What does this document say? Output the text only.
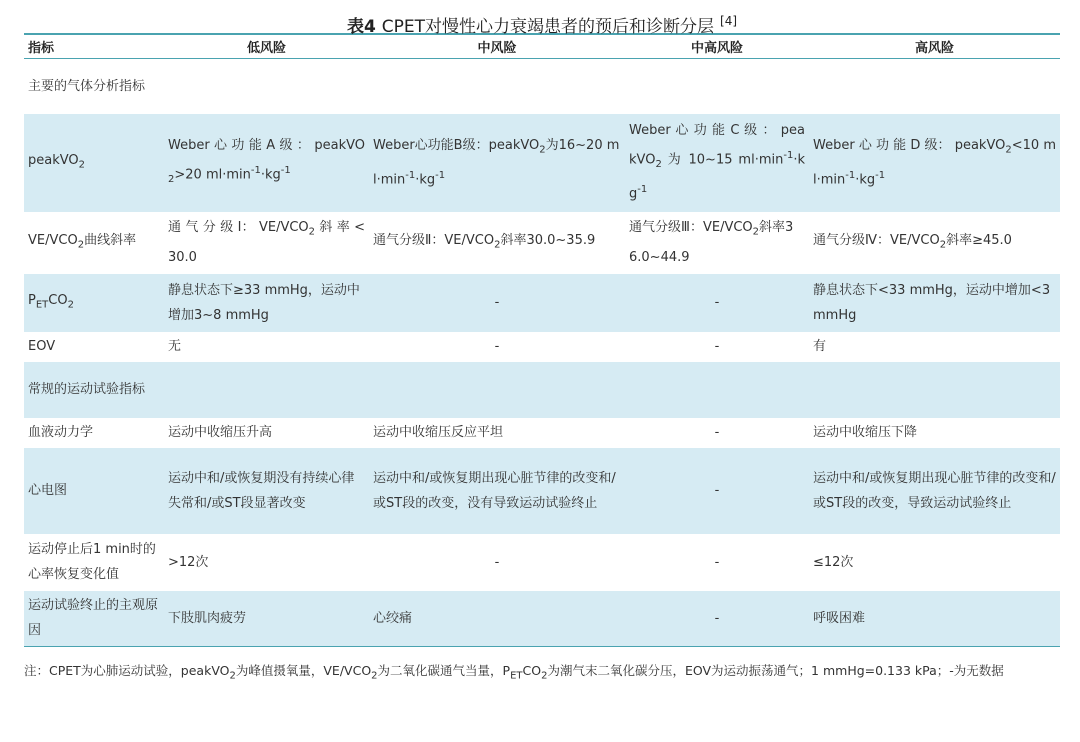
表4 CPET对慢性心力衰竭患者的预后和诊断分层 [4]
指标	低风险	中风险	中高风险	高风险
主要的气体分析指标				
peakVO$_2$	Weber 心 功 能 A 级 ： peakVO$_2$>20 $ml\cdot\min^{-1}\cdot kg^{-1}$	Weber心功能B级：peakVO$_2$为16~20 $ml\cdot\min^{-1}\cdot kg^{-1}$	Weber 心 功 能 C 级 ： peakVO$_2$ 为 10~15 $ml\cdot\min^{-1}\cdot kg^{-1}$	Weber 心 功 能 D 级： peakVO$_2$<10 $ml\cdot\min^{-1}\cdot kg^{-1}$
$VE/VCO_2$曲线斜率	通 气 分 级 Ⅰ： $VE/VCO_2$ 斜 率 <30.0	通气分级Ⅱ：$VE/VCO_2$斜率30.0~35.9	通气分级Ⅲ：$VE/VCO_2$斜率36.0~44.9	通气分级Ⅳ：$VE/VCO_2$斜率≥45.0
$P_{ET}CO_2$	静息状态下≥33 mmHg，运动中增加3~8 mmHg	-	-	静息状态下<33 mmHg，运动中增加<3 mmHg
EOV	无	-	-	有
常规的运动试验指标				
血液动力学	运动中收缩压升高	运动中收缩压反应平坦	-	运动中收缩压下降
心电图	运动中和/或恢复期没有持续心律失常和/或ST段显著改变	运动中和/或恢复期出现心脏节律的改变和/或ST段的改变，没有导致运动试验终止	-	运动中和/或恢复期出现心脏节律的改变和/或ST段的改变，导致运动试验终止
运动停止后1 min时的心率恢复变化值	>12次	-	-	≤12次
运动试验终止的主观原因	下肢肌肉疲劳	心绞痛	-	呼吸困难
注：CPET为心肺运动试验，peakVO$_2$为峰值摄氧量，$VE/VCO_2$为二氧化碳通气当量，$P_{ET}CO_2$为潮气末二氧化碳分压，EOV为运动振荡通气；1 mmHg=0.133 kPa；-为无数据
